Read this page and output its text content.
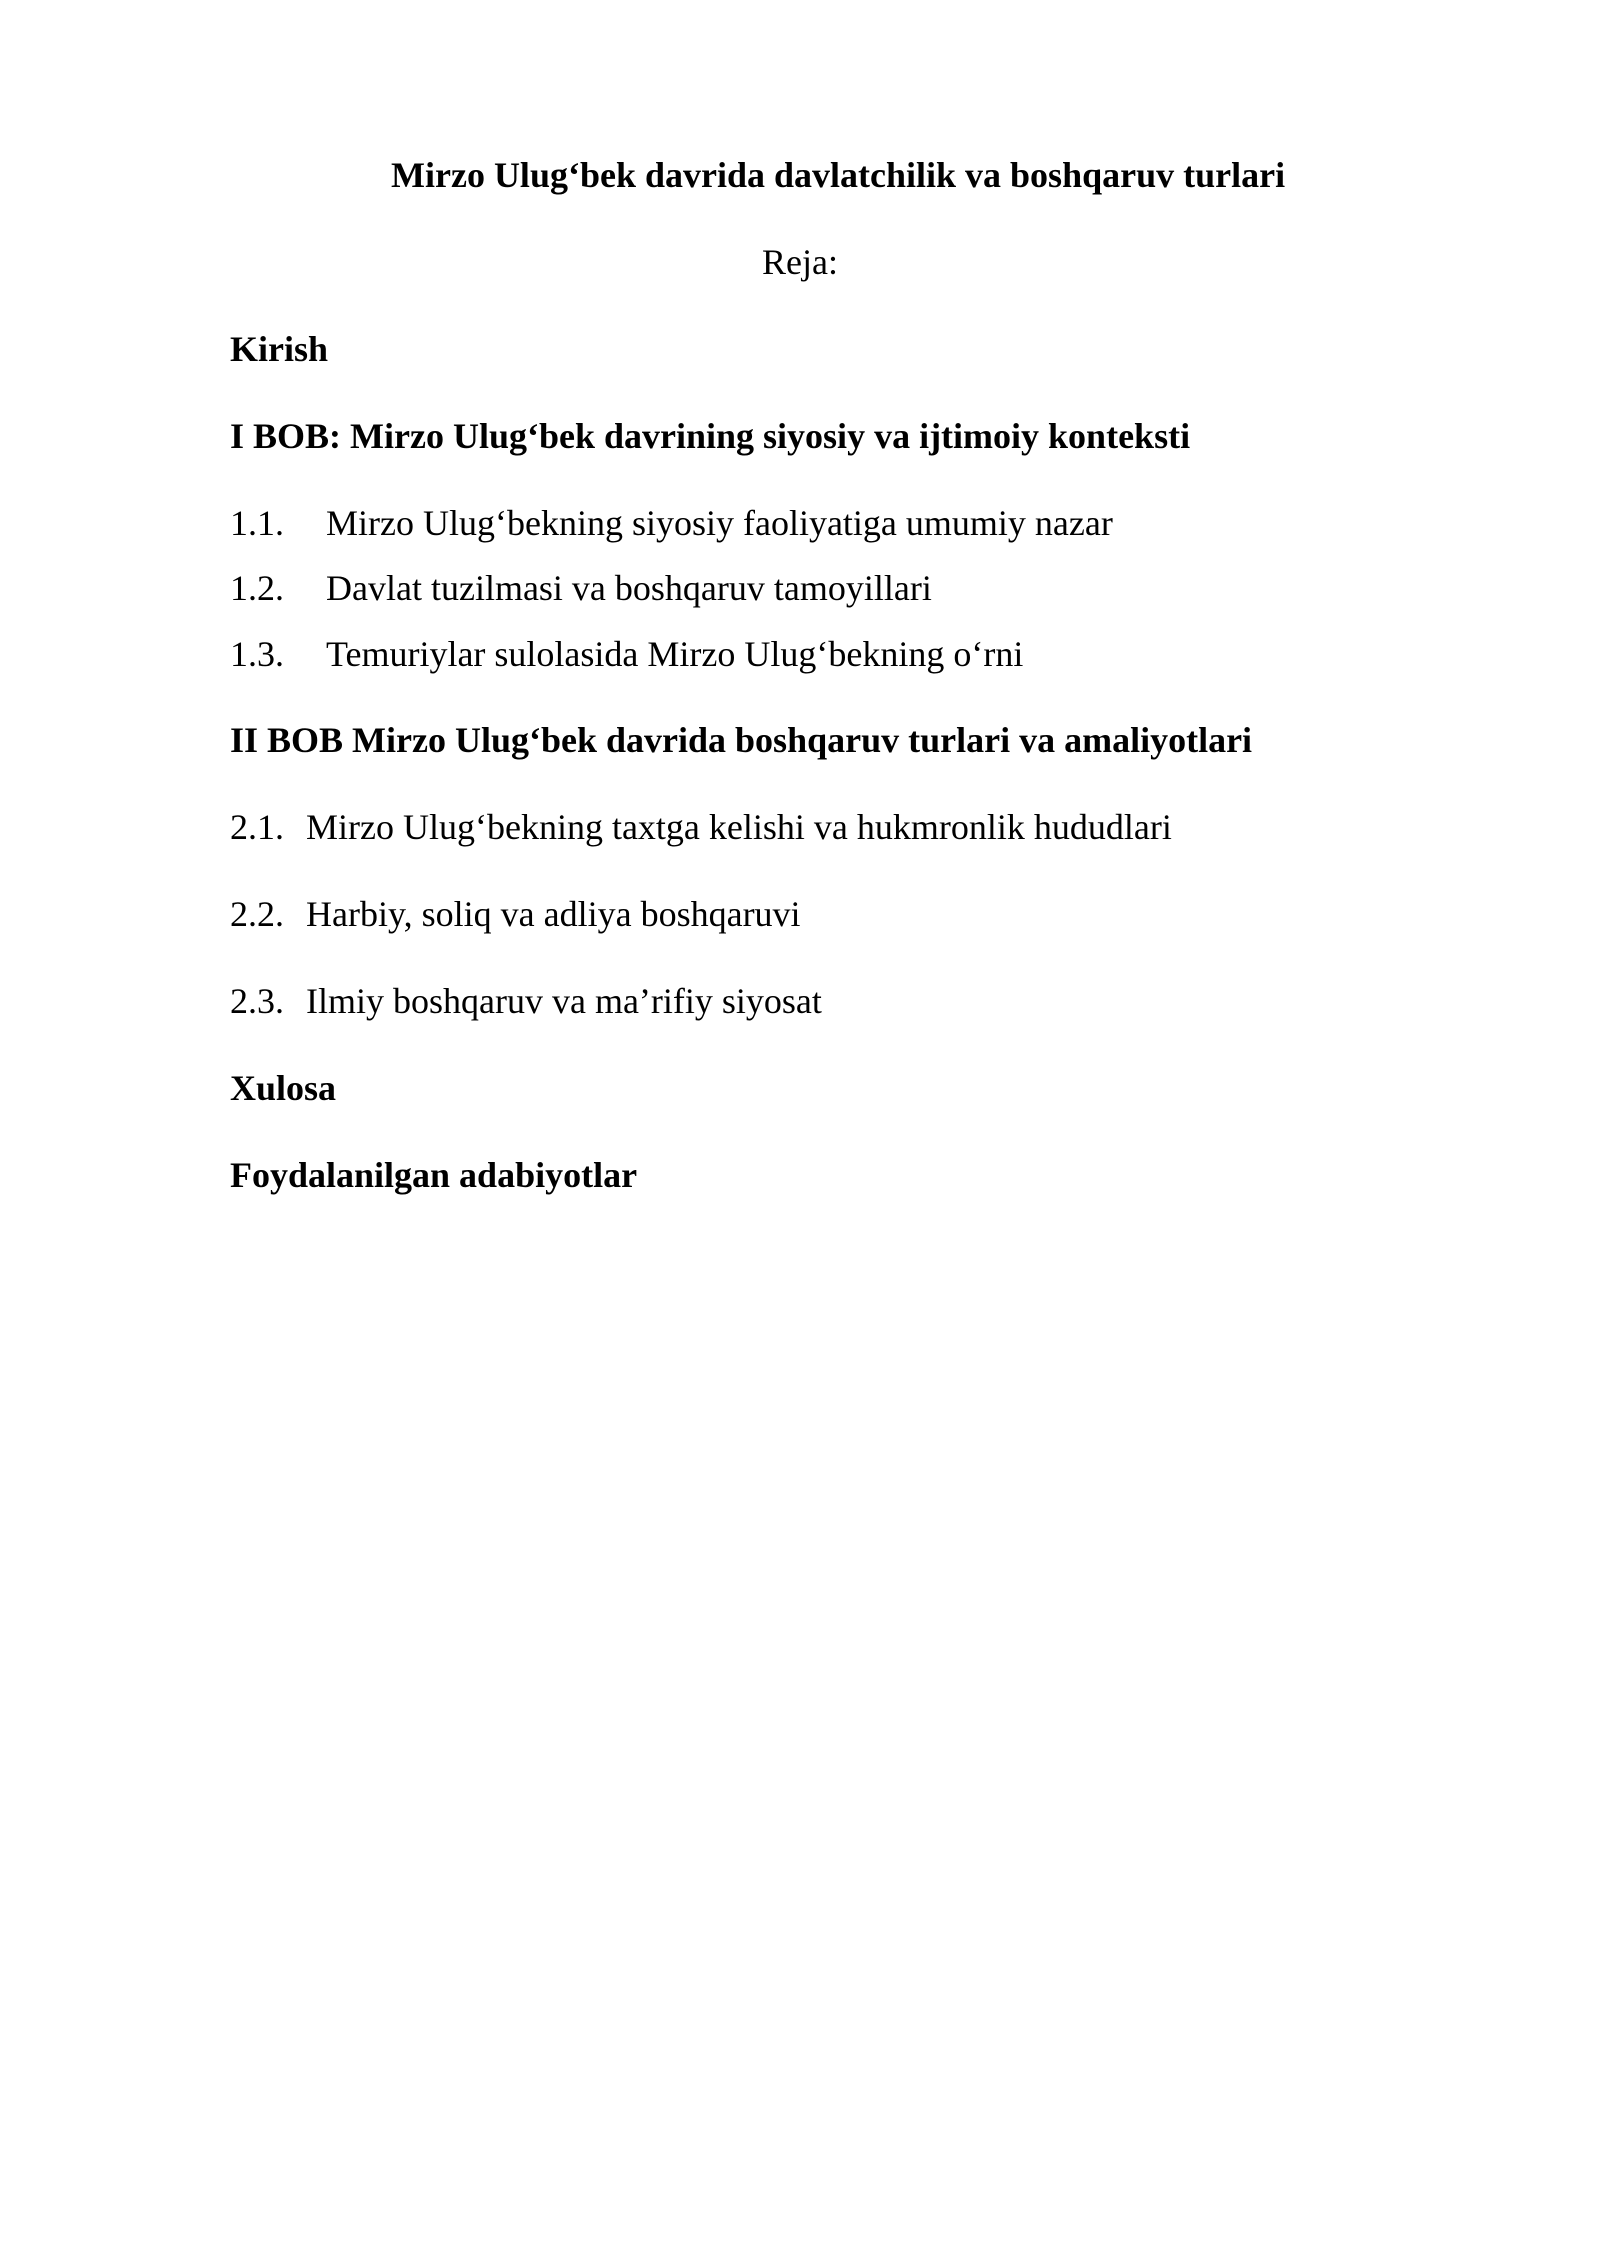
Mirzo Ulug‘bek davrida davlatchilik va boshqaruv turlari
Reja:
Kirish
I BOB: Mirzo Ulug‘bek davrining siyosiy va ijtimoiy konteksti
1.1. Mirzo Ulug‘bekning siyosiy faoliyatiga umumiy nazar
1.2. Davlat tuzilmasi va boshqaruv tamoyillari
1.3. Temuriylar sulolasida Mirzo Ulug‘bekning o‘rni
II BOB Mirzo Ulug‘bek davrida boshqaruv turlari va amaliyotlari
2.1. Mirzo Ulug‘bekning taxtga kelishi va hukmronlik hududlari
2.2. Harbiy, soliq va adliya boshqaruvi
2.3. Ilmiy boshqaruv va ma’rifiy siyosat
Xulosa
Foydalanilgan adabiyotlar
